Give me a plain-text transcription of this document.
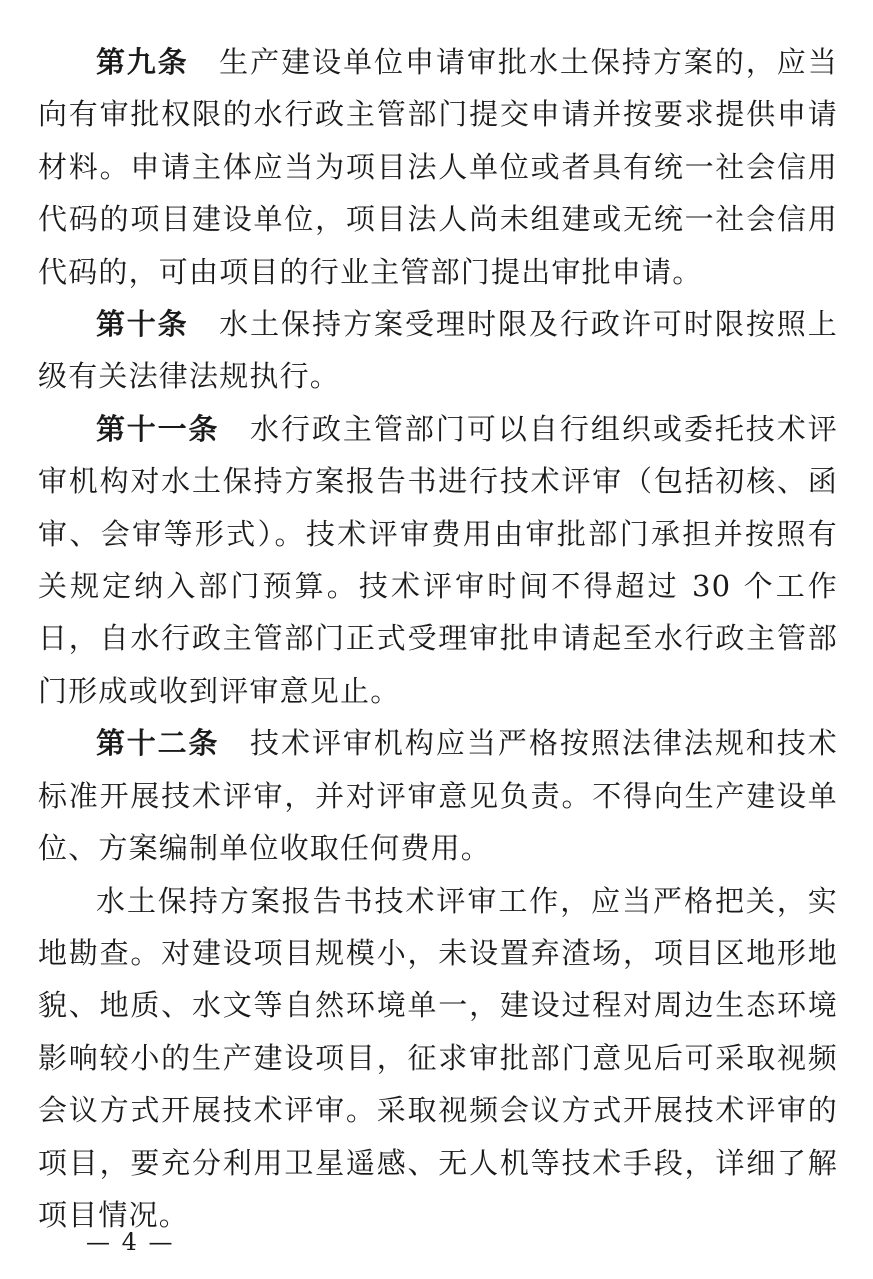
第九条 生产建设单位申请审批水土保持方案的，应当向有审批权限的水行政主管部门提交申请并按要求提供申请材料。申请主体应当为项目法人单位或者具有统一社会信用代码的项目建设单位，项目法人尚未组建或无统一社会信用代码的，可由项目的行业主管部门提出审批申请。

第十条 水土保持方案受理时限及行政许可时限按照上级有关法律法规执行。

第十一条 水行政主管部门可以自行组织或委托技术评审机构对水土保持方案报告书进行技术评审（包括初核、函审、会审等形式）。技术评审费用由审批部门承担并按照有关规定纳入部门预算。技术评审时间不得超过 30 个工作日，自水行政主管部门正式受理审批申请起至水行政主管部门形成或收到评审意见止。

第十二条 技术评审机构应当严格按照法律法规和技术标准开展技术评审，并对评审意见负责。不得向生产建设单位、方案编制单位收取任何费用。

水土保持方案报告书技术评审工作，应当严格把关，实地勘查。对建设项目规模小，未设置弃渣场，项目区地形地貌、地质、水文等自然环境单一，建设过程对周边生态环境影响较小的生产建设项目，征求审批部门意见后可采取视频会议方式开展技术评审。采取视频会议方式开展技术评审的项目，要充分利用卫星遥感、无人机等技术手段，详细了解项目情况。

— 4 —
